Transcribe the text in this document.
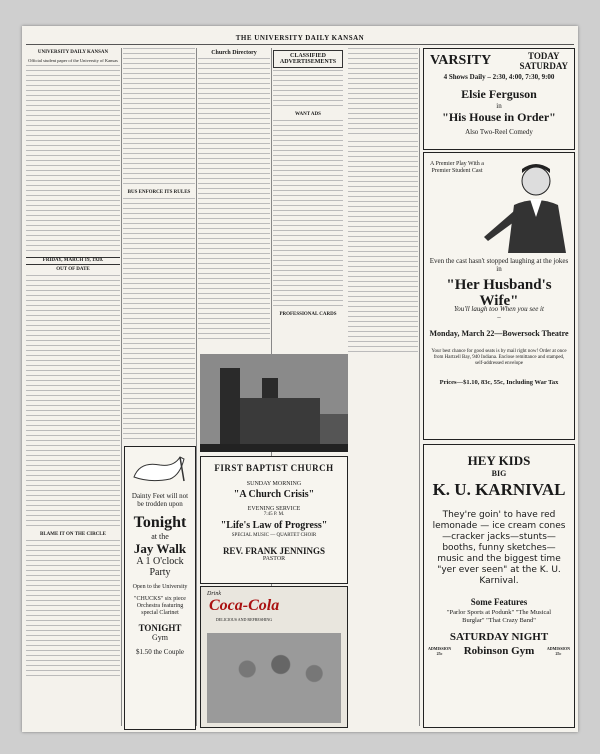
THE UNIVERSITY DAILY KANSAN
UNIVERSITY DAILY KANSAN
Official student paper of the University of Kansas
FRIDAY, MARCH 19, 1920.
OUT OF DATE
BLAME IT ON THE CIRCLE
BUS ENFORCE ITS RULES
Dainty Feet will not be trodden upon
Tonight
at the
Jay Walk
A 1 O'clock Party
Open to the University
"CHUCKS" six piece Orchestra featuring special Clarinet
TONIGHT
Gym
$1.50 the Couple
Church Directory	CLASSIFIED ADVERTISEMENTS
WANT ADS
PROFESSIONAL CARDS
FIRST BAPTIST CHURCH
SUNDAY MORNING
"A Church Crisis"
EVENING SERVICE
7:45 P. M.
"Life's Law of Progress"
SPECIAL MUSIC — QUARTET CHOIR
REV. FRANK JENNINGS
PASTOR
Drink
Coca-Cola
DELICIOUS AND REFRESHING
VARSITY	TODAY
SATURDAY
4 Shows Daily – 2:30, 4:00, 7:30, 9:00
Elsie Ferguson
in
"His House in Order"
Also Two-Reel Comedy
A Premier Play With a Premier Student Cast
Even the cast hasn't stopped laughing at the jokes in
"Her Husband's Wife"
You'll laugh too When you see it –
Monday, March 22—Bowersock Theatre
Your best chance for good seats is by mail right now! Order at once from Hartzell Bay, 940 Indiana. Enclose remittance and stamped, self-addressed envelope
Prices—$1.10, 83c, 55c, Including War Tax
HEY KIDS
BIG
K. U. KARNIVAL
They're goin' to have red lemonade — ice cream cones—cracker jacks—stunts—booths, funny sketches—music and the biggest time "yer ever seen" at the K. U. Karnival.
Some Features
"Parlor Sports at Podunk" "The Musical Burglar" "That Crazy Band"
SATURDAY NIGHT
ADMISSION
25c	Robinson Gym	ADMISSION
25c
